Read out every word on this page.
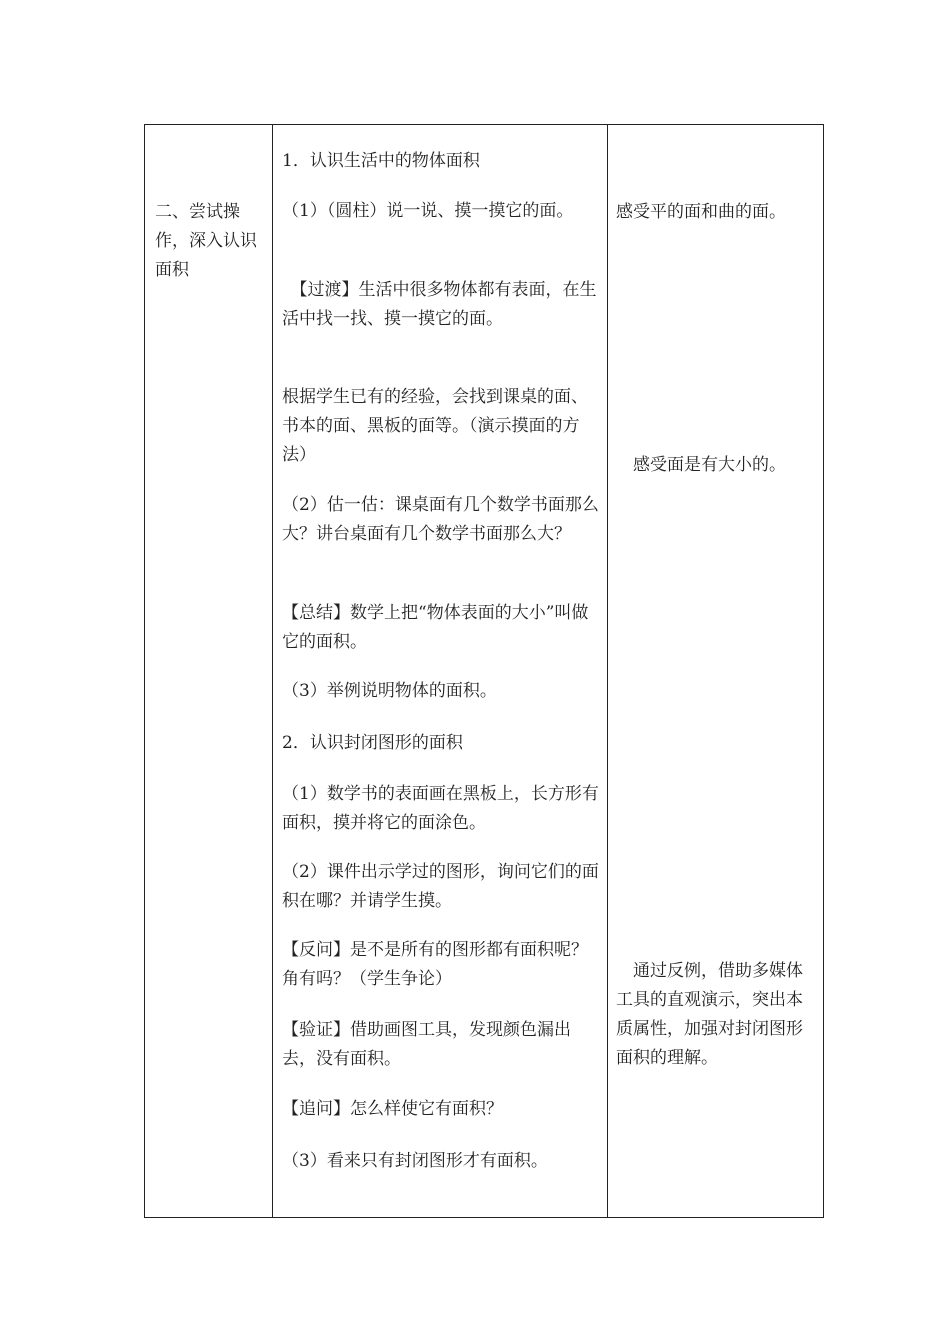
二、尝试操作，深入认识面积

1．认识生活中的物体面积

（1）（圆柱）说一说、摸一摸它的面。

　【过渡】生活中很多物体都有表面，在生活中找一找、摸一摸它的面。

根据学生已有的经验，会找到课桌的面、书本的面、黑板的面等。（演示摸面的方法）

（2）估一估：课桌面有几个数学书面那么大？讲台桌面有几个数学书面那么大？

【总结】数学上把“物体表面的大小”叫做它的面积。

（3）举例说明物体的面积。

2．认识封闭图形的面积

（1）数学书的表面画在黑板上，长方形有面积，摸并将它的面涂色。

（2）课件出示学过的图形，询问它们的面积在哪？并请学生摸。

【反问】是不是所有的图形都有面积呢？角有吗？（学生争论）

【验证】借助画图工具，发现颜色漏出去，没有面积。

【追问】怎么样使它有面积？

（3）看来只有封闭图形才有面积。

感受平的面和曲的面。

　感受面是有大小的。

　通过反例，借助多媒体工具的直观演示，突出本质属性，加强对封闭图形面积的理解。
